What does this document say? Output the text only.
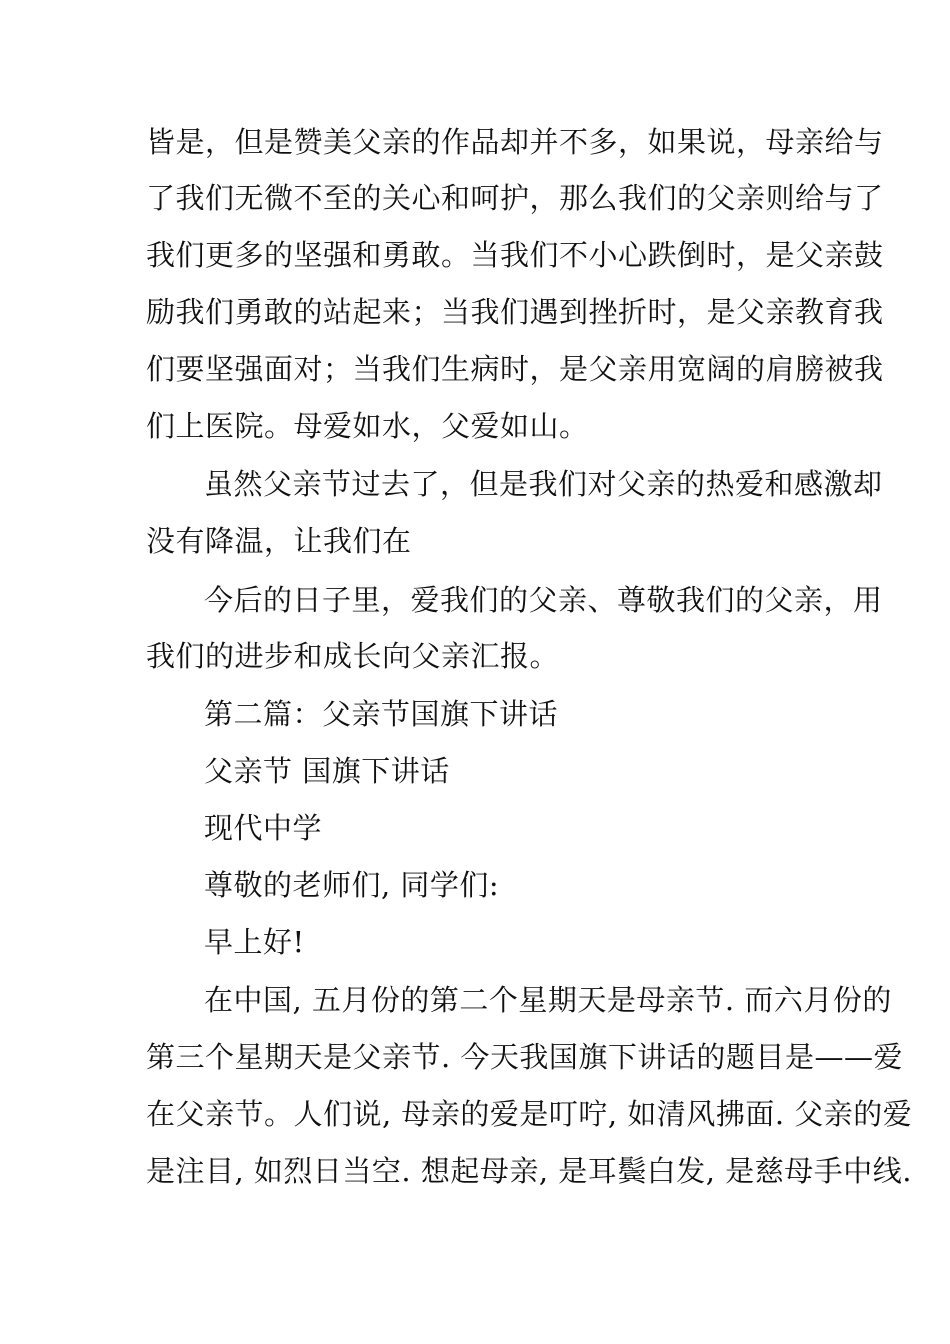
皆是，但是赞美父亲的作品却并不多，如果说，母亲给与
了我们无微不至的关心和呵护，那么我们的父亲则给与了
我们更多的坚强和勇敢。当我们不小心跌倒时，是父亲鼓
励我们勇敢的站起来；当我们遇到挫折时，是父亲教育我
们要坚强面对；当我们生病时，是父亲用宽阔的肩膀被我
们上医院。母爱如水，父爱如山。
虽然父亲节过去了，但是我们对父亲的热爱和感激却
没有降温，让我们在
今后的日子里，爱我们的父亲、尊敬我们的父亲，用
我们的进步和成长向父亲汇报。
第二篇：父亲节国旗下讲话
父亲节 国旗下讲话
现代中学
尊敬的老师们, 同学们:
早上好!
在中国, 五月份的第二个星期天是母亲节. 而六月份的
第三个星期天是父亲节. 今天我国旗下讲话的题目是——爱
在父亲节。人们说, 母亲的爱是叮咛, 如清风拂面. 父亲的爱
是注目, 如烈日当空. 想起母亲, 是耳鬓白发, 是慈母手中线.
